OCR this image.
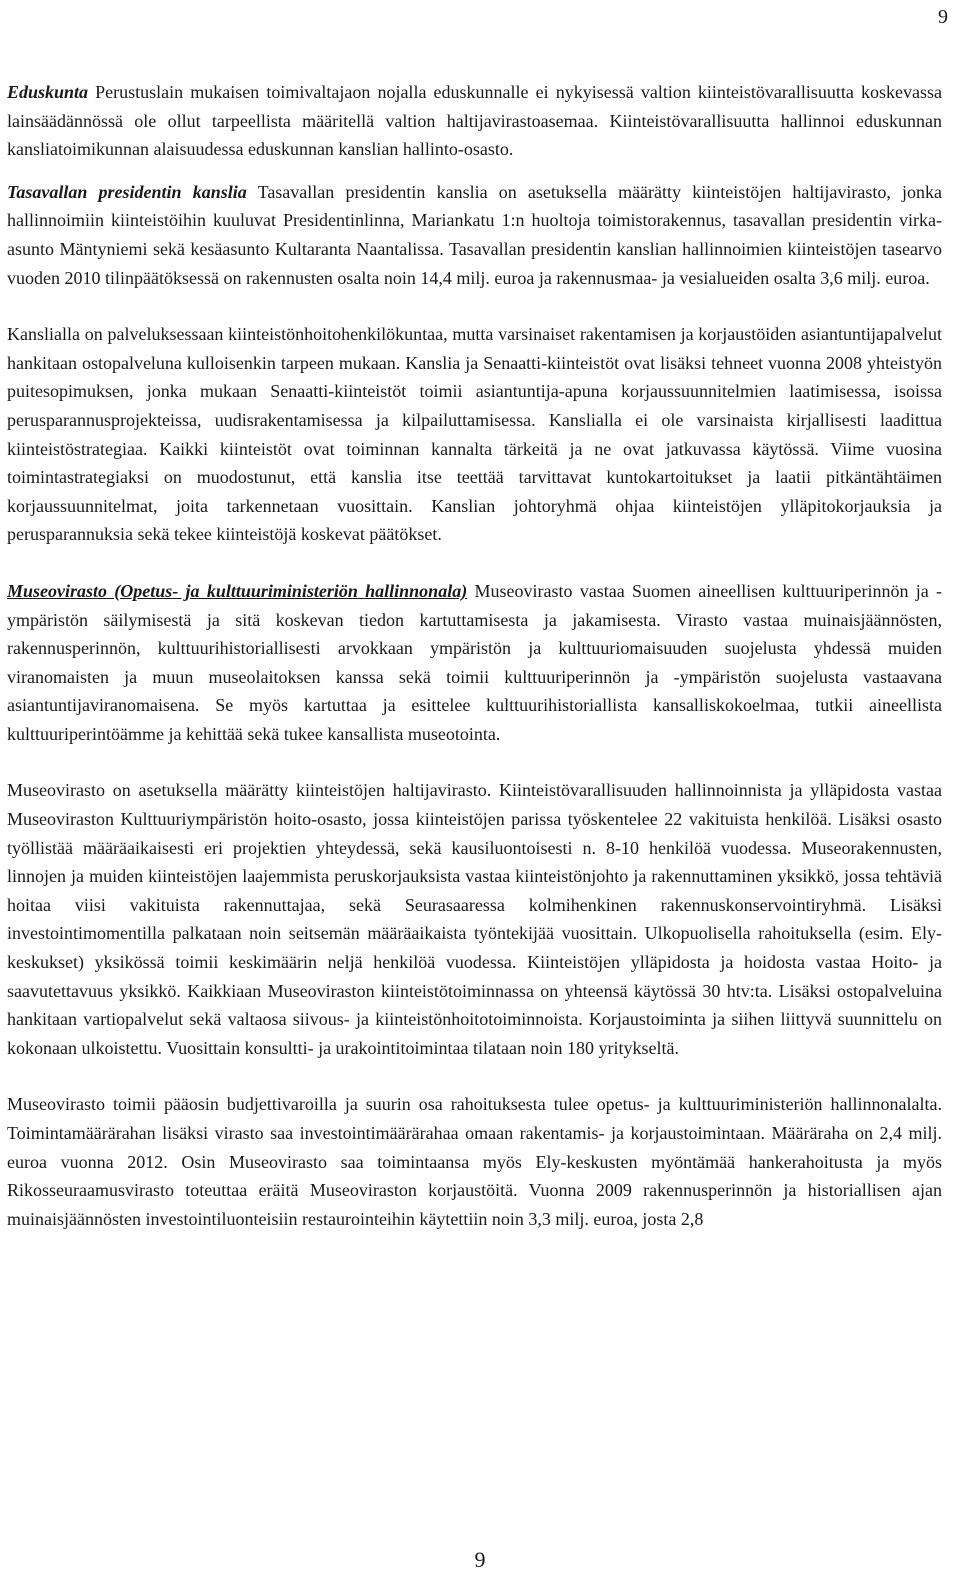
9

Eduskunta Perustuslain mukaisen toimivaltajaon nojalla eduskunnalle ei nykyisessä valtion kiinteistövarallisuutta koskevassa lainsäädännössä ole ollut tarpeellista määritellä valtion haltijavirastoasemaa. Kiinteistövarallisuutta hallinnoi eduskunnan kansliatoimikunnan alaisuudessa eduskunnan kanslian hallinto-osasto.

Tasavallan presidentin kanslia Tasavallan presidentin kanslia on asetuksella määrätty kiinteistöjen haltijavirasto, jonka hallinnoimiin kiinteistöihin kuuluvat Presidentinlinna, Mariankatu 1:n huoltoja toimistorakennus, tasavallan presidentin virka-asunto Mäntyniemi sekä kesäasunto Kultaranta Naantalissa. Tasavallan presidentin kanslian hallinnoimien kiinteistöjen tasearvo vuoden 2010 tilinpäätöksessä on rakennusten osalta noin 14,4 milj. euroa ja rakennusmaa- ja vesialueiden osalta 3,6 milj. euroa.

Kanslialla on palveluksessaan kiinteistönhoitohenkilökuntaa, mutta varsinaiset rakentamisen ja korjaustöiden asiantuntijapalvelut hankitaan ostopalveluna kulloisenkin tarpeen mukaan. Kanslia ja Senaatti-kiinteistöt ovat lisäksi tehneet vuonna 2008 yhteistyön puitesopimuksen, jonka mukaan Senaatti-kiinteistöt toimii asiantuntija-apuna korjaussuunnitelmien laatimisessa, isoissa perusparannusprojekteissa, uudisrakentamisessa ja kilpailuttamisessa. Kanslialla ei ole varsinaista kirjallisesti laadittua kiinteistöstrategiaa. Kaikki kiinteistöt ovat toiminnan kannalta tärkeitä ja ne ovat jatkuvassa käytössä. Viime vuosina toimintastrategiaksi on muodostunut, että kanslia itse teettää tarvittavat kuntokartoitukset ja laatii pitkäntähtäimen korjaussuunnitelmat, joita tarkennetaan vuosittain. Kanslian johtoryhmä ohjaa kiinteistöjen ylläpitokorjauksia ja perusparannuksia sekä tekee kiinteistöjä koskevat päätökset.

Museovirasto (Opetus- ja kulttuuriministeriön hallinnonala) Museovirasto vastaa Suomen aineellisen kulttuuriperinnön ja -ympäristön säilymisestä ja sitä koskevan tiedon kartuttamisesta ja jakamisesta. Virasto vastaa muinaisjäännösten, rakennusperinnön, kulttuurihistoriallisesti arvokkaan ympäristön ja kulttuuriomaisuuden suojelusta yhdessä muiden viranomaisten ja muun museolaitoksen kanssa sekä toimii kulttuuriperinnön ja -ympäristön suojelusta vastaavana asiantuntijaviranomaisena. Se myös kartuttaa ja esittelee kulttuurihistoriallista kansalliskokoelmaa, tutkii aineellista kulttuuriperintöämme ja kehittää sekä tukee kansallista museotointa.

Museovirasto on asetuksella määrätty kiinteistöjen haltijavirasto. Kiinteistövarallisuuden hallinnoinnista ja ylläpidosta vastaa Museoviraston Kulttuuriympäristön hoito-osasto, jossa kiinteistöjen parissa työskentelee 22 vakituista henkilöä. Lisäksi osasto työllistää määräaikaisesti eri projektien yhteydessä, sekä kausiluontoisesti n. 8-10 henkilöä vuodessa. Museorakennusten, linnojen ja muiden kiinteistöjen laajemmista peruskorjauksista vastaa kiinteistönjohto ja rakennuttaminen yksikkö, jossa tehtäviä hoitaa viisi vakituista rakennuttajaa, sekä Seurasaaressa kolmihenkinen rakennuskonservointiryhmä. Lisäksi investointimomentilla palkataan noin seitsemän määräaikaista työntekijää vuosittain. Ulkopuolisella rahoituksella (esim. Ely-keskukset) yksikössä toimii keskimäärin neljä henkilöä vuodessa. Kiinteistöjen ylläpidosta ja hoidosta vastaa Hoito- ja saavutettavuus yksikkö. Kaikkiaan Museoviraston kiinteistötoiminnassa on yhteensä käytössä 30 htv:ta. Lisäksi ostopalveluina hankitaan vartiopalvelut sekä valtaosa siivous- ja kiinteistönhoitotoiminnoista. Korjaustoiminta ja siihen liittyvä suunnittelu on kokonaan ulkoistettu. Vuosittain konsultti- ja urakointitoimintaa tilataan noin 180 yritykseltä.

Museovirasto toimii pääosin budjettivaroilla ja suurin osa rahoituksesta tulee opetus- ja kulttuuriministeriön hallinnonalalta. Toimintamäärärahan lisäksi virasto saa investointimäärärahaa omaan rakentamis- ja korjaustoimintaan. Määräraha on 2,4 milj. euroa vuonna 2012. Osin Museovirasto saa toimintaansa myös Ely-keskusten myöntämää hankerahoitusta ja myös Rikosseuraamusvirasto toteuttaa eräitä Museoviraston korjaustöitä. Vuonna 2009 rakennusperinnön ja historiallisen ajan muinaisjäännösten investointiluonteisiin restaurointeihin käytettiin noin 3,3 milj. euroa, josta 2,8

9
